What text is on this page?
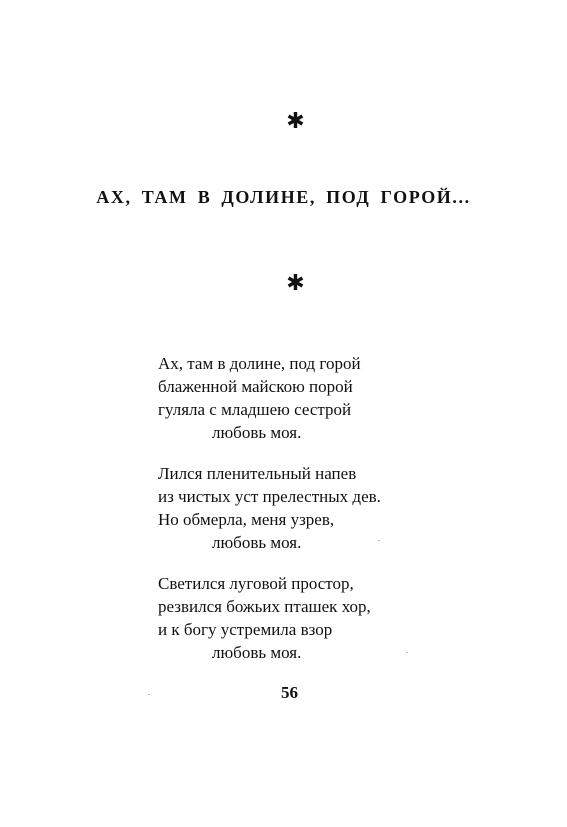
✱
АХ, ТАМ В ДОЛИНЕ, ПОД ГОРОЙ...
✱
Ах, там в долине, под горой
блаженной майскою порой
гуляла с младшею сестрой
любовь моя.
Лился пленительный напев
из чистых уст прелестных дев.
Но обмерла, меня узрев,
любовь моя.
Светился луговой простор,
резвился божьих пташек хор,
и к богу устремила взор
любовь моя.
56
